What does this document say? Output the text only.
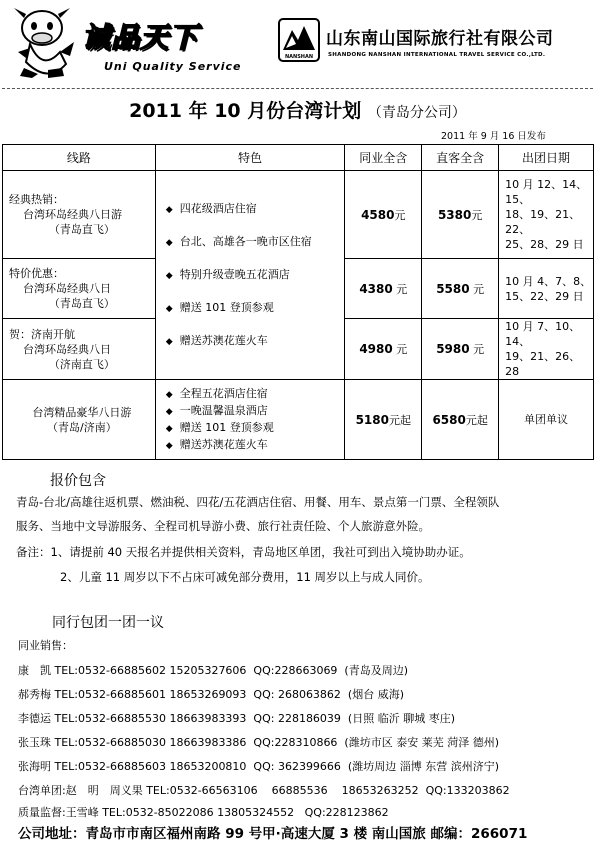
诚品天下
Uni Quality Service
NANSHAN
山东南山国际旅行社有限公司
SHANDONG NANSHAN INTERNATIONAL TRAVEL SERVICE CO.,LTD.
2011 年 10 月份台湾计划 （青岛分公司）
2011 年 9 月 16 日发布
线路	特色	同业全含	直客全含	出团日期
经典热销：
台湾环岛经典八日游
（青岛直飞）	◆ 四花级酒店住宿
◆ 台北、高雄各一晚市区住宿
◆ 特别升级壹晚五花酒店
◆ 赠送 101 登顶参观
◆ 赠送苏澳花莲火车	4580元	5380元	10 月 12、14、15、
18、19、21、22、
25、28、29 日

特价优惠：
台湾环岛经典八日
（青岛直飞）		4380 元	5580 元	10 月 4、7、8、
15、22、29 日

贺：济南开航
台湾环岛经典八日
（济南直飞）		4980 元	5980 元	10 月 7、10、14、
19、21、26、28

台湾精品豪华八日游
（青岛/济南）	◆ 全程五花酒店住宿
◆ 一晚温馨温泉酒店
◆ 赠送 101 登顶参观
◆ 赠送苏澳花莲火车	5180元起	6580元起	单团单议
报价包含
青岛-台北/高雄往返机票、燃油税、四花/五花酒店住宿、用餐、用车、景点第一门票、全程领队
服务、当地中文导游服务、全程司机导游小费、旅行社责任险、个人旅游意外险。
备注：1、请提前 40 天报名并提供相关资料，青岛地区单团，我社可到出入境协助办证。
2、儿童 11 周岁以下不占床可减免部分费用，11 周岁以上与成人同价。
同行包团一团一议
同业销售：
康　凯 TEL:0532-66885602 15205327606  QQ:228663069  (青岛及周边)
郝秀梅 TEL:0532-66885601 18653269093  QQ: 268063862  (烟台 威海)
李德运 TEL:0532-66885530 18663983393  QQ: 228186039  (日照 临沂 聊城 枣庄)
张玉珠 TEL:0532-66885030 18663983386  QQ:228310866  (潍坊市区 泰安 莱芜 菏泽 德州)
张海明 TEL:0532-66885603 18653200810  QQ: 362399666  (潍坊周边 淄博 东营 滨州济宁)
台湾单团:赵　明　周义果 TEL:0532-66563106    66885536    18653263252  QQ:133203862
质量监督:王雪峰 TEL:0532-85022086 13805324552   QQ:228123862
公司地址：青岛市市南区福州南路 99 号甲·高速大厦 3 楼 南山国旅 邮编：266071
